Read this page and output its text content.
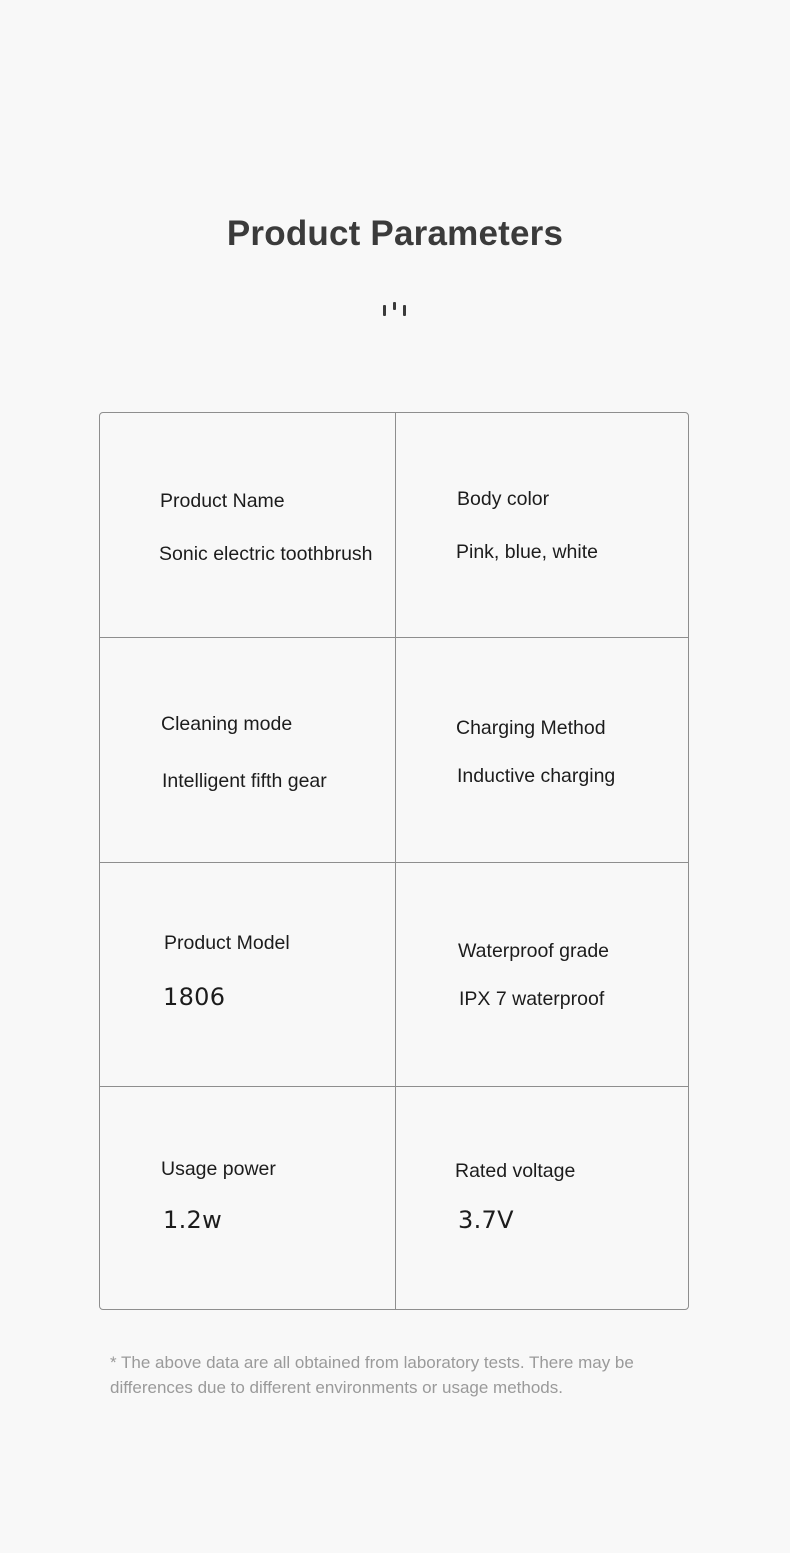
Product Parameters
Product Name
Sonic electric toothbrush
Body color
Pink, blue, white
Cleaning mode
Intelligent fifth gear
Charging Method
Inductive charging
Product Model
1806
Waterproof grade
IPX 7 waterproof
Usage power
1.2w
Rated voltage
3.7V
* The above data are all obtained from laboratory tests. There may be differences due to different environments or usage methods.
